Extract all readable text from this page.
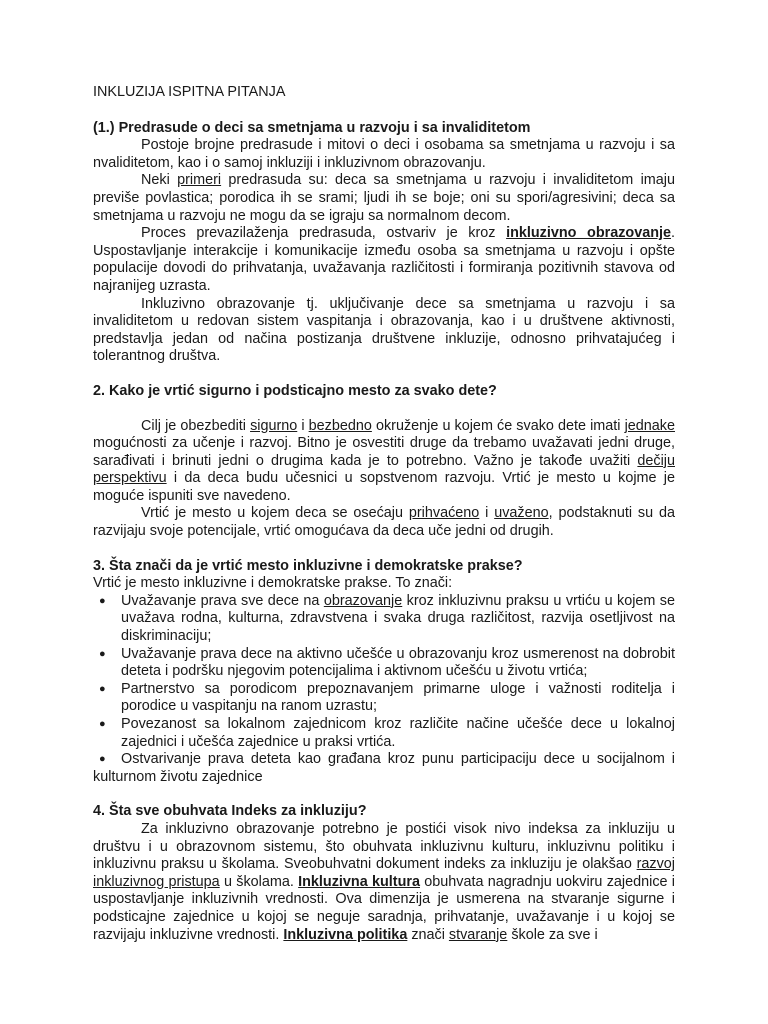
INKLUZIJA ISPITNA PITANJA
(1.) Predrasude o deci sa smetnjama u razvoju i sa invaliditetom

Postoje brojne predrasude i mitovi o deci i osobama sa smetnjama u razvoju i sa nvaliditetom, kao i o samoj inkluziji i inkluzivnom obrazovanju.

Neki primeri predrasuda su: deca sa smetnjama u razvoju i invaliditetom imaju previše povlastica; porodica ih se srami; ljudi ih se boje; oni su spori/agresivini; deca sa smetnjama u razvoju ne mogu da se igraju sa normalnom decom.

Proces prevazilaženja predrasuda, ostvariv je kroz inkluzivno obrazovanje. Uspostavljanje interakcije i komunikacije između osoba sa smetnjama u razvoju i opšte populacije dovodi do prihvatanja, uvažavanja različitosti i formiranja pozitivnih stavova od najranijeg uzrasta.

Inkluzivno obrazovanje tj. uključivanje dece sa smetnjama u razvoju i sa invaliditetom u redovan sistem vaspitanja i obrazovanja, kao i u društvene aktivnosti, predstavlja jedan od načina postizanja društvene inkluzije, odnosno prihvatajućeg i tolerantnog društva.

2. Kako je vrtić sigurno i podsticajno mesto za svako dete?

Cilj je obezbediti sigurno i bezbedno okruženje u kojem će svako dete imati jednake mogućnosti za učenje i razvoj. Bitno je osvestiti druge da trebamo uvažavati jedni druge, sarađivati i brinuti jedni o drugima kada je to potrebno. Važno je takođe uvažiti dečiju perspektivu i da deca budu učesnici u sopstvenom razvoju. Vrtić je mesto u kojme je moguće ispuniti sve navedeno.

Vrtić je mesto u kojem deca se osećaju prihvaćeno i uvaženo, podstaknuti su da razvijaju svoje potencijale, vrtić omogućava da deca uče jedni od drugih.

3. Šta znači da je vrtić mesto inkluzivne i demokratske prakse?

Vrtić je mesto inkluzivne i demokratske prakse. To znači:

● Uvažavanje prava sve dece na obrazovanje kroz inkluzivnu praksu u vrtiću u kojem se uvažava rodna, kulturna, zdravstvena i svaka druga različitost, razvija osetljivost na diskriminaciju;
● Uvažavanje prava dece na aktivno učešće u obrazovanju kroz usmerenost na dobrobit deteta i podršku njegovim potencijalima i aktivnom učešću u životu vrtića;
● Partnerstvo sa porodicom prepoznavanjem primarne uloge i važnosti roditelja i porodice u vaspitanju na ranom uzrastu;
● Povezanost sa lokalnom zajednicom kroz različite načine učešće dece u lokalnoj zajednici i učešća zajednice u praksi vrtića.
● Ostvarivanje prava deteta kao građana kroz punu participaciju dece u socijalnom i kulturnom životu zajednice
4. Šta sve obuhvata Indeks za inkluziju?

Za inkluzivno obrazovanje potrebno je postići visok nivo indeksa za inkluziju u društvu i u obrazovnom sistemu, što obuhvata inkluzivnu kulturu, inkluzivnu politiku i inkluzivnu praksu u školama. Sveobuhvatni dokument indeks za inkluziju je olakšao razvoj inkluzivnog pristupa u školama. Inkluzivna kultura obuhvata nagradnju uokviru zajednice i uspostavljanje inkluzivnih vrednosti. Ova dimenzija je usmerena na stvaranje sigurne i podsticajne zajednice u kojoj se neguje saradnja, prihvatanje, uvažavanje i u kojoj se razvijaju inkluzivne vrednosti. Inkluzivna politika znači stvaranje škole za sve i
